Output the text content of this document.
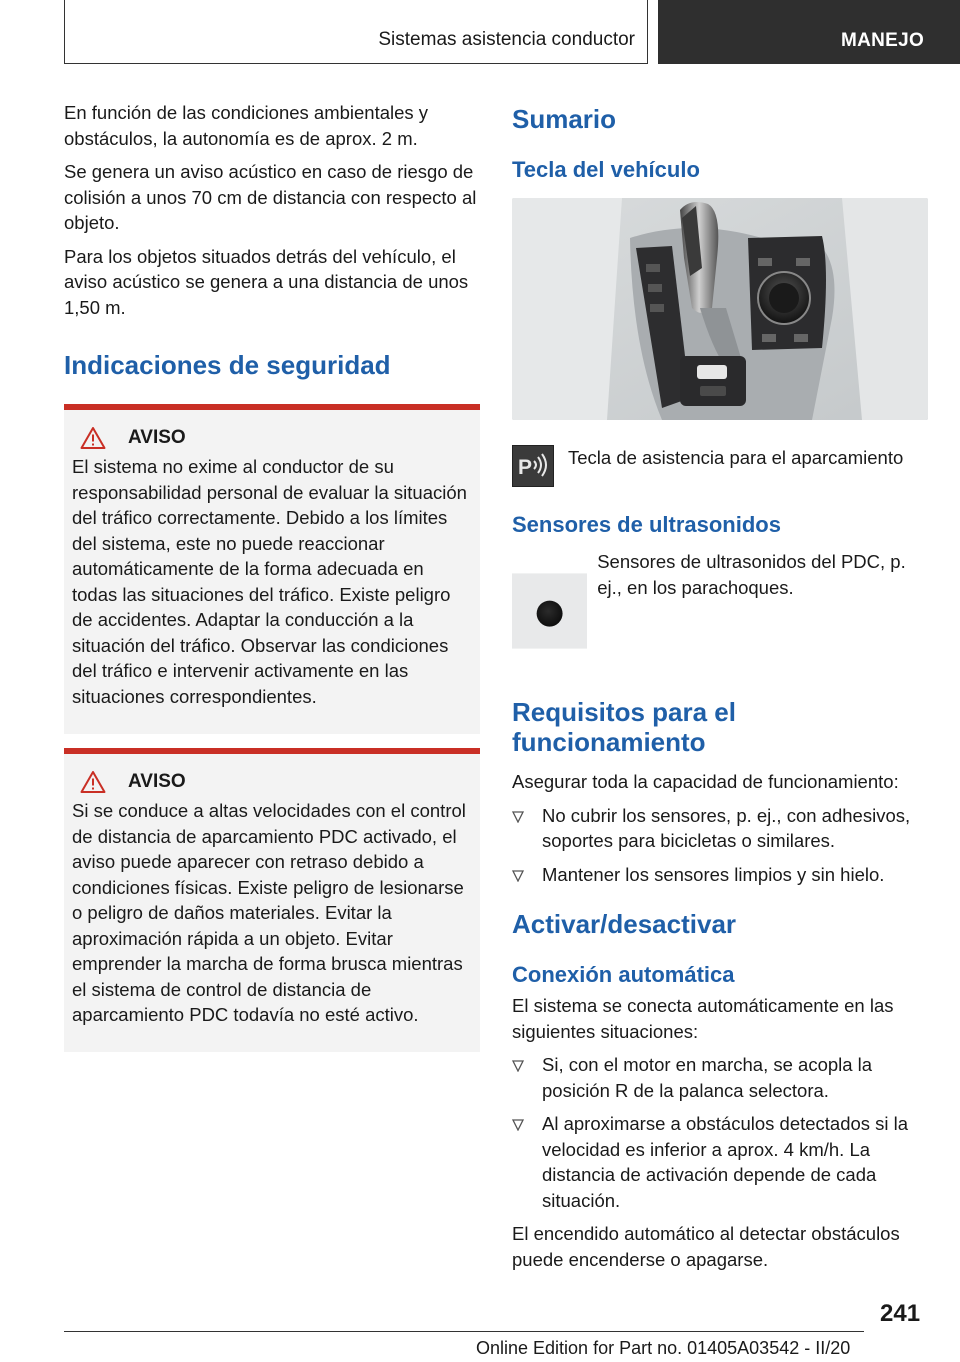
Sistemas asistencia conductor	MANEJO

En función de las condiciones ambientales y obstáculos, la autonomía es de aprox. 2 m.

Se genera un aviso acústico en caso de riesgo de colisión a unos 70 cm de distancia con respecto al objeto.

Para los objetos situados detrás del vehículo, el aviso acústico se genera a una distancia de unos 1,50 m.

Indicaciones de seguridad
AVISO

El sistema no exime al conductor de su responsabilidad personal de evaluar la situación del tráfico correctamente. Debido a los límites del sistema, este no puede reaccionar automáticamente de la forma adecuada en todas las situaciones del tráfico. Existe peligro de accidentes. Adaptar la conducción a la situación del tráfico. Observar las condiciones del tráfico e intervenir activamente en las situaciones correspondientes.

AVISO

Si se conduce a altas velocidades con el control de distancia de aparcamiento PDC activado, el aviso puede aparecer con retraso debido a condiciones físicas. Existe peligro de lesionarse o peligro de daños materiales. Evitar la aproximación rápida a un objeto. Evitar emprender la marcha de forma brusca mientras el sistema de control de distancia de aparcamiento PDC todavía no esté activo.

Sumario
Tecla del vehículo
P Tecla de asistencia para el aparcamiento

Sensores de ultrasonidos

Sensores de ultrasonidos del PDC, p. ej., en los parachoques.

Requisitos para el funcionamiento

Asegurar toda la capacidad de funcionamiento:

No cubrir los sensores, p. ej., con adhesivos, soportes para bicicletas o similares.
Mantener los sensores limpios y sin hielo.
Activar/desactivar
Conexión automática

El sistema se conecta automáticamente en las siguientes situaciones:

Si, con el motor en marcha, se acopla la posición R de la palanca selectora.
Al aproximarse a obstáculos detectados si la velocidad es inferior a aprox. 4 km/h. La distancia de activación depende de cada situación.

El encendido automático al detectar obstáculos puede encenderse o apagarse.

241
Online Edition for Part no. 01405A03542 - II/20
